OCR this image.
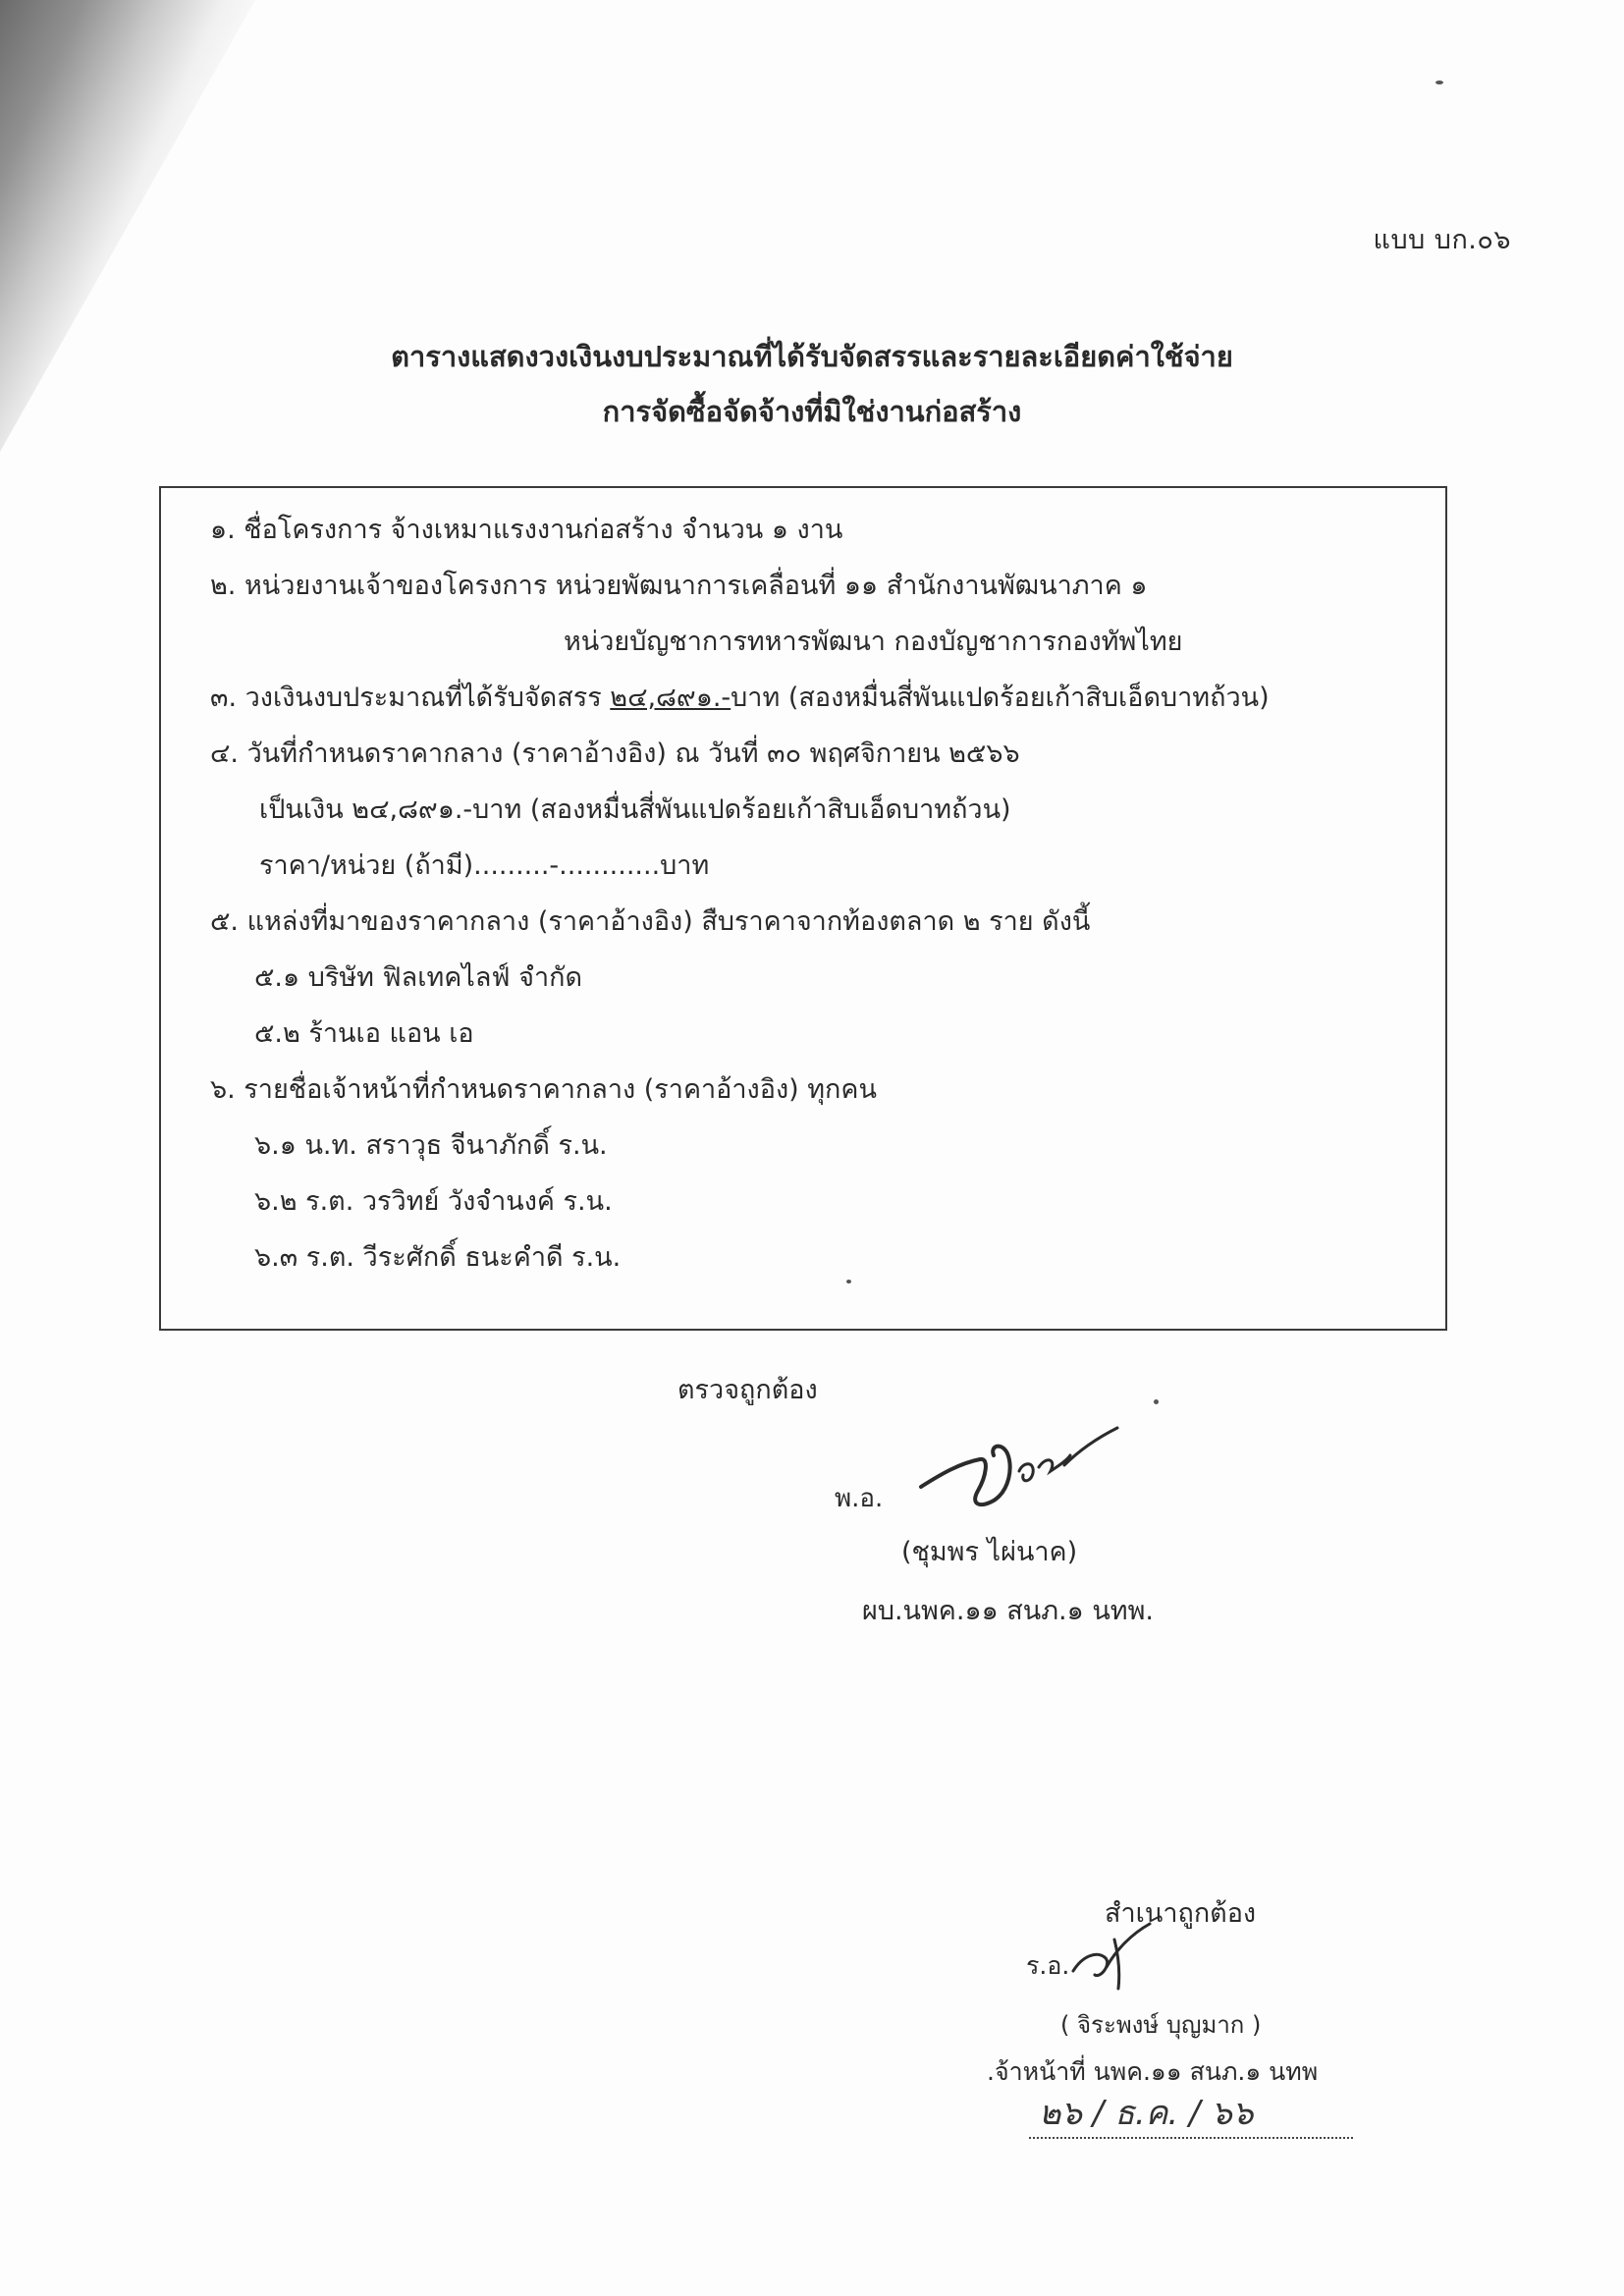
แบบ บก.๐๖
ตารางแสดงวงเงินงบประมาณที่ได้รับจัดสรรและรายละเอียดค่าใช้จ่าย
การจัดซื้อจัดจ้างที่มิใช่งานก่อสร้าง
๑. ชื่อโครงการ จ้างเหมาแรงงานก่อสร้าง จำนวน ๑ งาน
๒. หน่วยงานเจ้าของโครงการ หน่วยพัฒนาการเคลื่อนที่ ๑๑ สำนักงานพัฒนาภาค ๑
หน่วยบัญชาการทหารพัฒนา กองบัญชาการกองทัพไทย
๓. วงเงินงบประมาณที่ได้รับจัดสรร ๒๔,๘๙๑.-บาท (สองหมื่นสี่พันแปดร้อยเก้าสิบเอ็ดบาทถ้วน)
๔. วันที่กำหนดราคากลาง (ราคาอ้างอิง) ณ วันที่ ๓๐ พฤศจิกายน ๒๕๖๖
เป็นเงิน ๒๔,๘๙๑.-บาท (สองหมื่นสี่พันแปดร้อยเก้าสิบเอ็ดบาทถ้วน)
ราคา/หน่วย (ถ้ามี).........-............บาท
๕. แหล่งที่มาของราคากลาง (ราคาอ้างอิง) สืบราคาจากท้องตลาด ๒ ราย ดังนี้
๕.๑ บริษัท ฟิลเทคไลฟ์ จำกัด
๕.๒ ร้านเอ แอน เอ
๖. รายชื่อเจ้าหน้าที่กำหนดราคากลาง (ราคาอ้างอิง) ทุกคน
๖.๑ น.ท. สราวุธ จีนาภักดิ์ ร.น.
๖.๒ ร.ต. วรวิทย์ วังจำนงค์ ร.น.
๖.๓ ร.ต. วีระศักดิ์ ธนะคำดี ร.น.
ตรวจถูกต้อง
พ.อ.
(ชุมพร ไผ่นาค)
ผบ.นพค.๑๑ สนภ.๑ นทพ.
สำเนาถูกต้อง
ร.อ.
( จิระพงษ์ บุญมาก )
.จ้าหน้าที่ นพค.๑๑ สนภ.๑ นทพ
๒๖ / ธ.ค. / ๖๖
